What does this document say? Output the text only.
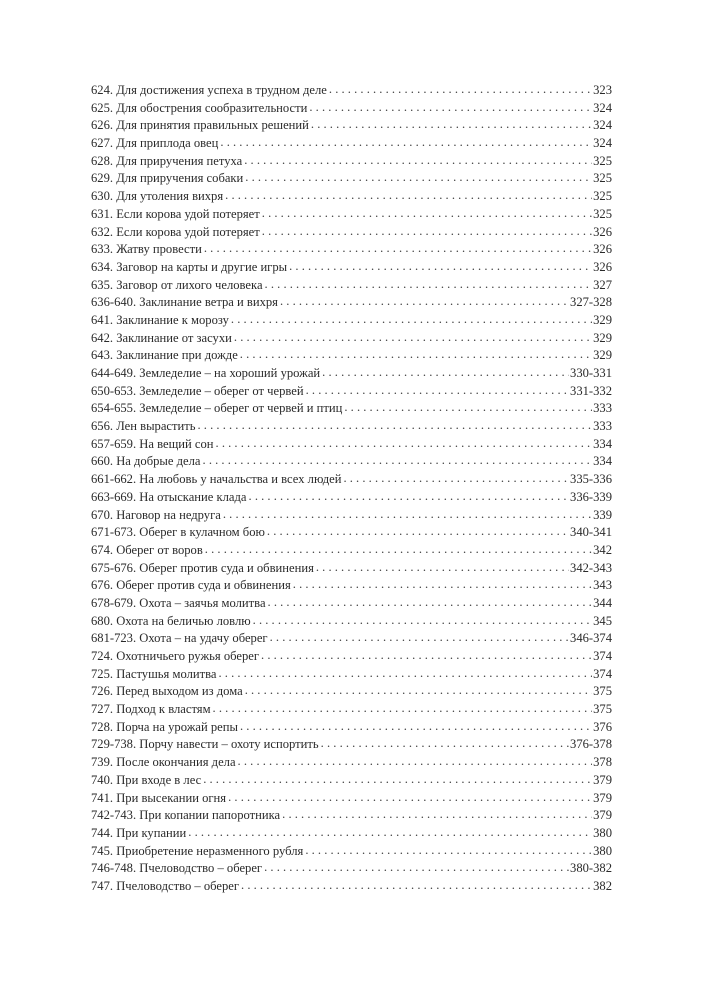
624. Для достижения успеха в трудном деле . . .	323
625. Для обострения сообразительности . . .	324
626. Для принятия правильных решений . . .	324
627. Для приплода овец . . .	324
628. Для приручения петуха . . .	325
629. Для приручения собаки . . .	325
630. Для утоления вихря . . .	325
631. Если корова удой потеряет . . .	325
632. Если корова удой потеряет . . .	326
633. Жатву провести . . .	326
634. Заговор на карты и другие игры . . .	326
635. Заговор от лихого человека . . .	327
636-640. Заклинание ветра и вихря . . .	327-328
641. Заклинание к морозу . . .	329
642. Заклинание от засухи . . .	329
643. Заклинание при дожде . . .	329
644-649. Земледелие – на хороший урожай . . .	330-331
650-653. Земледелие – оберег от червей . . .	331-332
654-655. Земледелие – оберег от червей и птиц . . .	333
656. Лен вырастить . . .	333
657-659. На вещий сон . . .	334
660. На добрые дела . . .	334
661-662. На любовь у начальства и всех людей . . .	335-336
663-669. На отыскание клада . . .	336-339
670. Наговор на недруга . . .	339
671-673. Оберег в кулачном бою . . .	340-341
674. Оберег от воров . . .	342
675-676. Оберег против суда и обвинения . . .	342-343
676. Оберег против суда и обвинения . . .	343
678-679. Охота – заячья молитва . . .	344
680. Охота на беличью ловлю . . .	345
681-723. Охота – на удачу оберег . . .	346-374
724. Охотничьего ружья оберег . . .	374
725. Пастушья молитва . . .	374
726. Перед выходом из дома . . .	375
727. Подход к властям . . .	375
728. Порча на урожай репы . . .	376
729-738. Порчу навести – охоту испортить . . .	376-378
739. После окончания дела . . .	378
740. При входе в лес . . .	379
741. При высекании огня . . .	379
742-743. При копании папоротника . . .	379
744. При купании . . .	380
745. Приобретение неразменного рубля . . .	380
746-748. Пчеловодство – оберег . . .	380-382
747. Пчеловодство – оберег . . .	382
